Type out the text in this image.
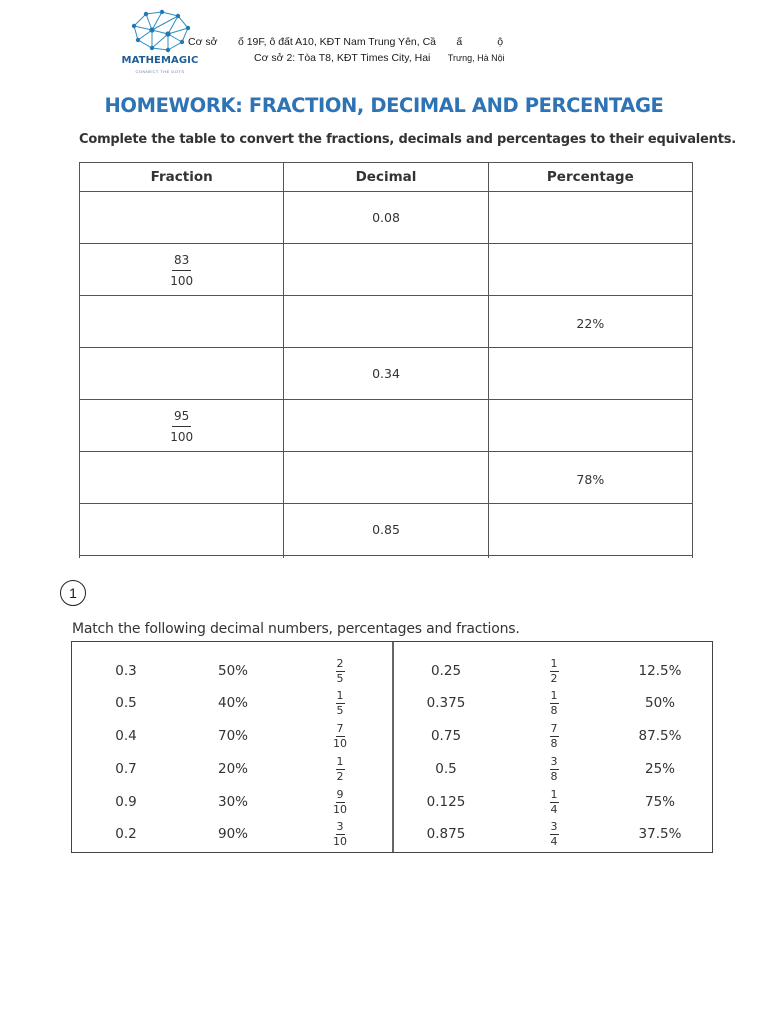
MATHEMAGIC
CONNECT THE DOTS
Cơ sở       ố 19F, ô đất A10, KĐT Nam Trung Yên, Cầ       ấ            ộ
Cơ sở 2: Tòa T8, KĐT Times City, Hai      Trưng, Hà Nội
HOMEWORK: FRACTION, DECIMAL AND PERCENTAGE
Complete the table to convert the fractions, decimals and percentages to their equivalents.
Fraction	Decimal	Percentage
	0.08	

$\frac{83}{100}$

		22%
	0.34	

$\frac{95}{100}$

		78%
	0.85	

1
Match the following decimal numbers, percentages and fractions.
0.3	50%	$\frac{2}{5}$	0.25	$\frac{1}{2}$	12.5%
0.5	40%	$\frac{1}{5}$	0.375	$\frac{1}{8}$	50%
0.4	70%	$\frac{7}{10}$	0.75	$\frac{7}{8}$	87.5%
0.7	20%	$\frac{1}{2}$	0.5	$\frac{3}{8}$	25%
0.9	30%	$\frac{9}{10}$	0.125	$\frac{1}{4}$	75%
0.2	90%	$\frac{3}{10}$	0.875	$\frac{3}{4}$	37.5%
